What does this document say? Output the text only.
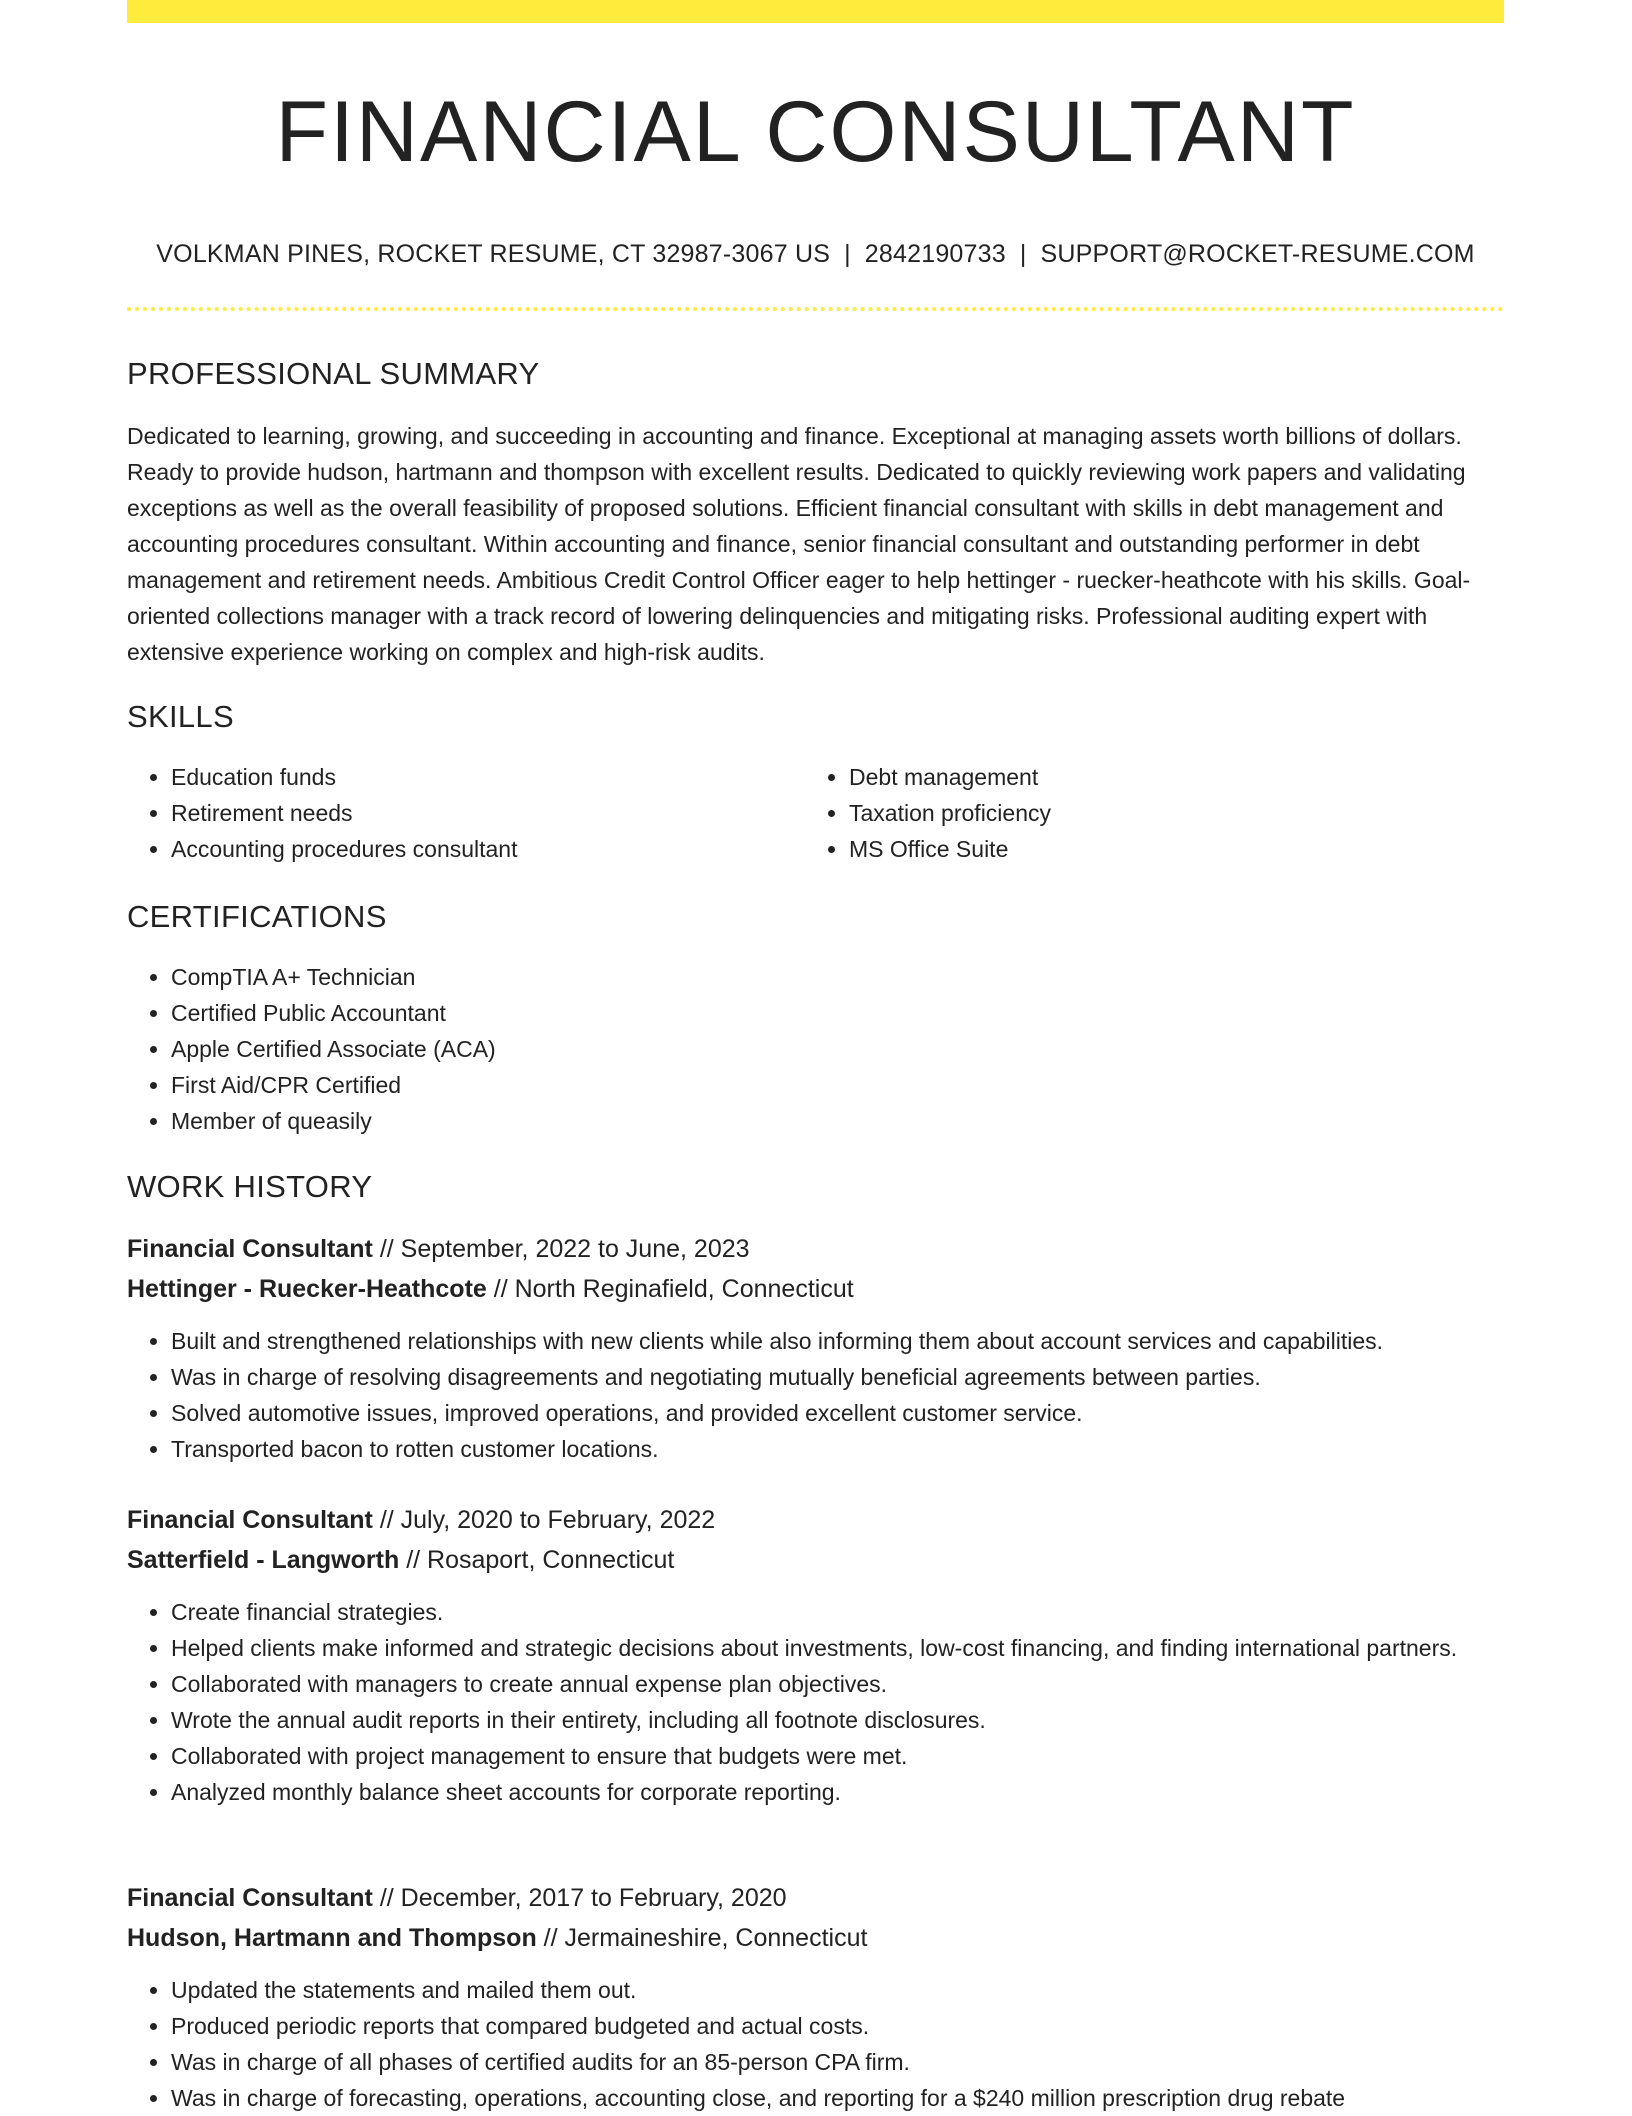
FINANCIAL CONSULTANT
VOLKMAN PINES, ROCKET RESUME, CT 32987-3067 US | 2842190733 | SUPPORT@ROCKET-RESUME.COM
PROFESSIONAL SUMMARY

Dedicated to learning, growing, and succeeding in accounting and finance. Exceptional at managing assets worth billions of dollars. Ready to provide hudson, hartmann and thompson with excellent results. Dedicated to quickly reviewing work papers and validating exceptions as well as the overall feasibility of proposed solutions. Efficient financial consultant with skills in debt management and accounting procedures consultant. Within accounting and finance, senior financial consultant and outstanding performer in debt management and retirement needs. Ambitious Credit Control Officer eager to help hettinger - ruecker-heathcote with his skills. Goal-oriented collections manager with a track record of lowering delinquencies and mitigating risks. Professional auditing expert with extensive experience working on complex and high-risk audits.

SKILLS
• Education funds
• Retirement needs
• Accounting procedures consultant
• Debt management
• Taxation proficiency
• MS Office Suite
CERTIFICATIONS
• CompTIA A+ Technician
• Certified Public Accountant
• Apple Certified Associate (ACA)
• First Aid/CPR Certified
• Member of queasily
WORK HISTORY
Financial Consultant // September, 2022 to June, 2023
Hettinger - Ruecker-Heathcote // North Reginafield, Connecticut
• Built and strengthened relationships with new clients while also informing them about account services and capabilities.
• Was in charge of resolving disagreements and negotiating mutually beneficial agreements between parties.
• Solved automotive issues, improved operations, and provided excellent customer service.
• Transported bacon to rotten customer locations.
Financial Consultant // July, 2020 to February, 2022
Satterfield - Langworth // Rosaport, Connecticut
• Create financial strategies.
• Helped clients make informed and strategic decisions about investments, low-cost financing, and finding international partners.
• Collaborated with managers to create annual expense plan objectives.
• Wrote the annual audit reports in their entirety, including all footnote disclosures.
• Collaborated with project management to ensure that budgets were met.
• Analyzed monthly balance sheet accounts for corporate reporting.
Financial Consultant // December, 2017 to February, 2020
Hudson, Hartmann and Thompson // Jermaineshire, Connecticut
• Updated the statements and mailed them out.
• Produced periodic reports that compared budgeted and actual costs.
• Was in charge of all phases of certified audits for an 85-person CPA firm.
• Was in charge of forecasting, operations, accounting close, and reporting for a $240 million prescription drug rebate
